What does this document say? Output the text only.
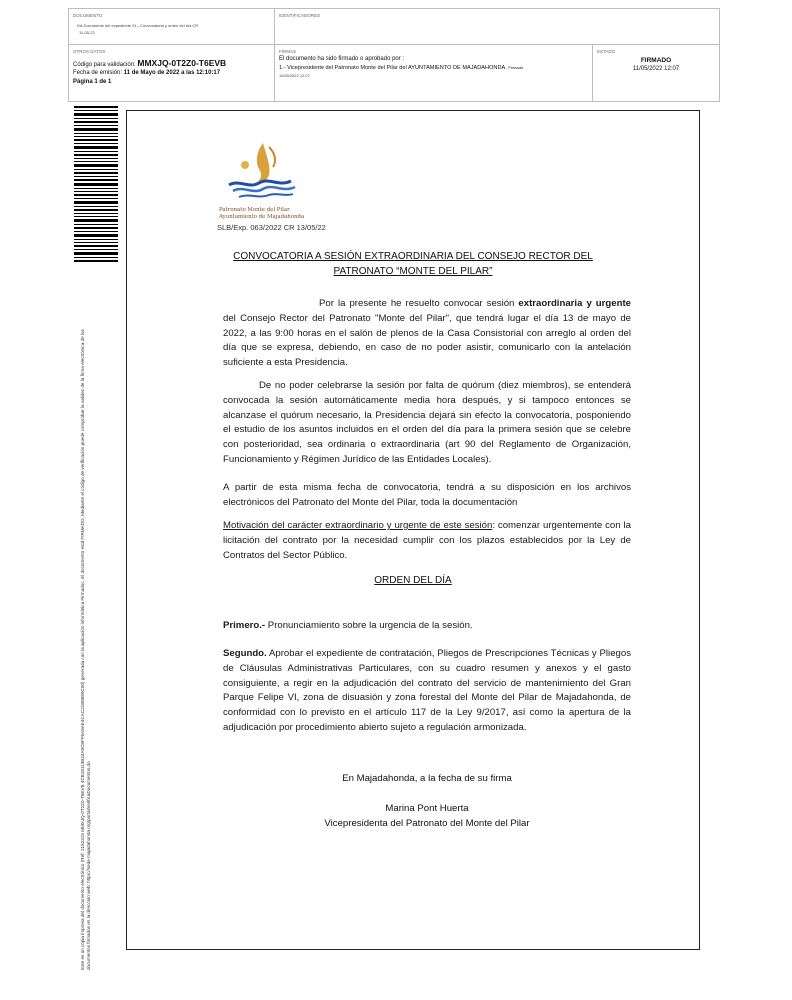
DOCUMENTO
DA Documento del expediente 01.- Convocatoria y orden del día CR
11-05-22
IDENTIFICADORES
OTROS DATOS
Código para validación: MMXJQ-0T2Z0-T6EVB
Fecha de emisión: 11 de Mayo de 2022 a las 12:10:17
Página 1 de 1
FIRMAS
El documento ha sido firmado o aprobado por :
1.- Vicepresidente del Patronato Monte del Pilar del AYUNTAMIENTO DE MAJADAHONDA. Firmado
11/05/2022 12:07
ESTADO
FIRMADO
11/05/2022 12:07
Este es un copia impresa del documento electrónico (Ref: 2182315 MMXJQ-0T2Z0-T6EVB 4CB18113B24A8C8FF6A9AE4CAC21B8689C50) generada con la aplicación informática Firmadoc. El documento está FIRMADO. Mediante el código de verificación puede comprobar la validez de la firma electrónica de los documentos firmados en la dirección web: https://sede.majadahonda.org/portal/verificaDocumentos.do
Patronato Monte del Pilar
Ayuntamiento de Majadahonda
SLB/Exp. 063/2022 CR 13/05/22
CONVOCATORIA A SESIÓN EXTRAORDINARIA DEL CONSEJO RECTOR DEL
PATRONATO “MONTE DEL PILAR”
Por la presente he resuelto convocar sesión extraordinaria y urgente del Consejo Rector del Patronato "Monte del Pilar", que tendrá lugar el día 13 de mayo de 2022, a las 9:00 horas en el salón de plenos de la Casa Consistorial con arreglo al orden del día que se expresa, debiendo, en caso de no poder asistir, comunicarlo con la antelación suficiente a esta Presidencia.
De no poder celebrarse la sesión por falta de quórum (diez miembros), se entenderá convocada la sesión automáticamente media hora después, y si tampoco entonces se alcanzase el quórum necesario, la Presidencia dejará sin efecto la convocatoria, posponiendo el estudio de los asuntos incluidos en el orden del día para la primera sesión que se celebre con posterioridad, sea ordinaria o extraordinaria (art 90 del Reglamento de Organización, Funcionamiento y Régimen Jurídico de las Entidades Locales).
A partir de esta misma fecha de convocatoria, tendrá a su disposición en los archivos electrónicos del Patronato del Monte del Pilar, toda la documentación
Motivación del carácter extraordinario y urgente de este sesión: comenzar urgentemente con la licitación del contrato por la necesidad cumplir con los plazos establecidos por la Ley de Contratos del Sector Público.
ORDEN DEL DÍA
Primero.- Pronunciamiento sobre la urgencia de la sesión.
Segundo. Aprobar el expediente de contratación, Pliegos de Prescripciones Técnicas y Pliegos de Cláusulas Administrativas Particulares, con su cuadro resumen y anexos y el gasto consiguiente, a regir en la adjudicación del contrato del servicio de mantenimiento del Gran Parque Felipe VI, zona de disuasión y zona forestal del Monte del Pilar de Majadahonda, de conformidad con lo previsto en el artículo 117 de la Ley 9/2017, así como la apertura de la adjudicación por procedimiento abierto sujeto a regulación armonizada.
En Majadahonda, a la fecha de su firma
Marina Pont Huerta
Vicepresidenta del Patronato del Monte del Pilar
